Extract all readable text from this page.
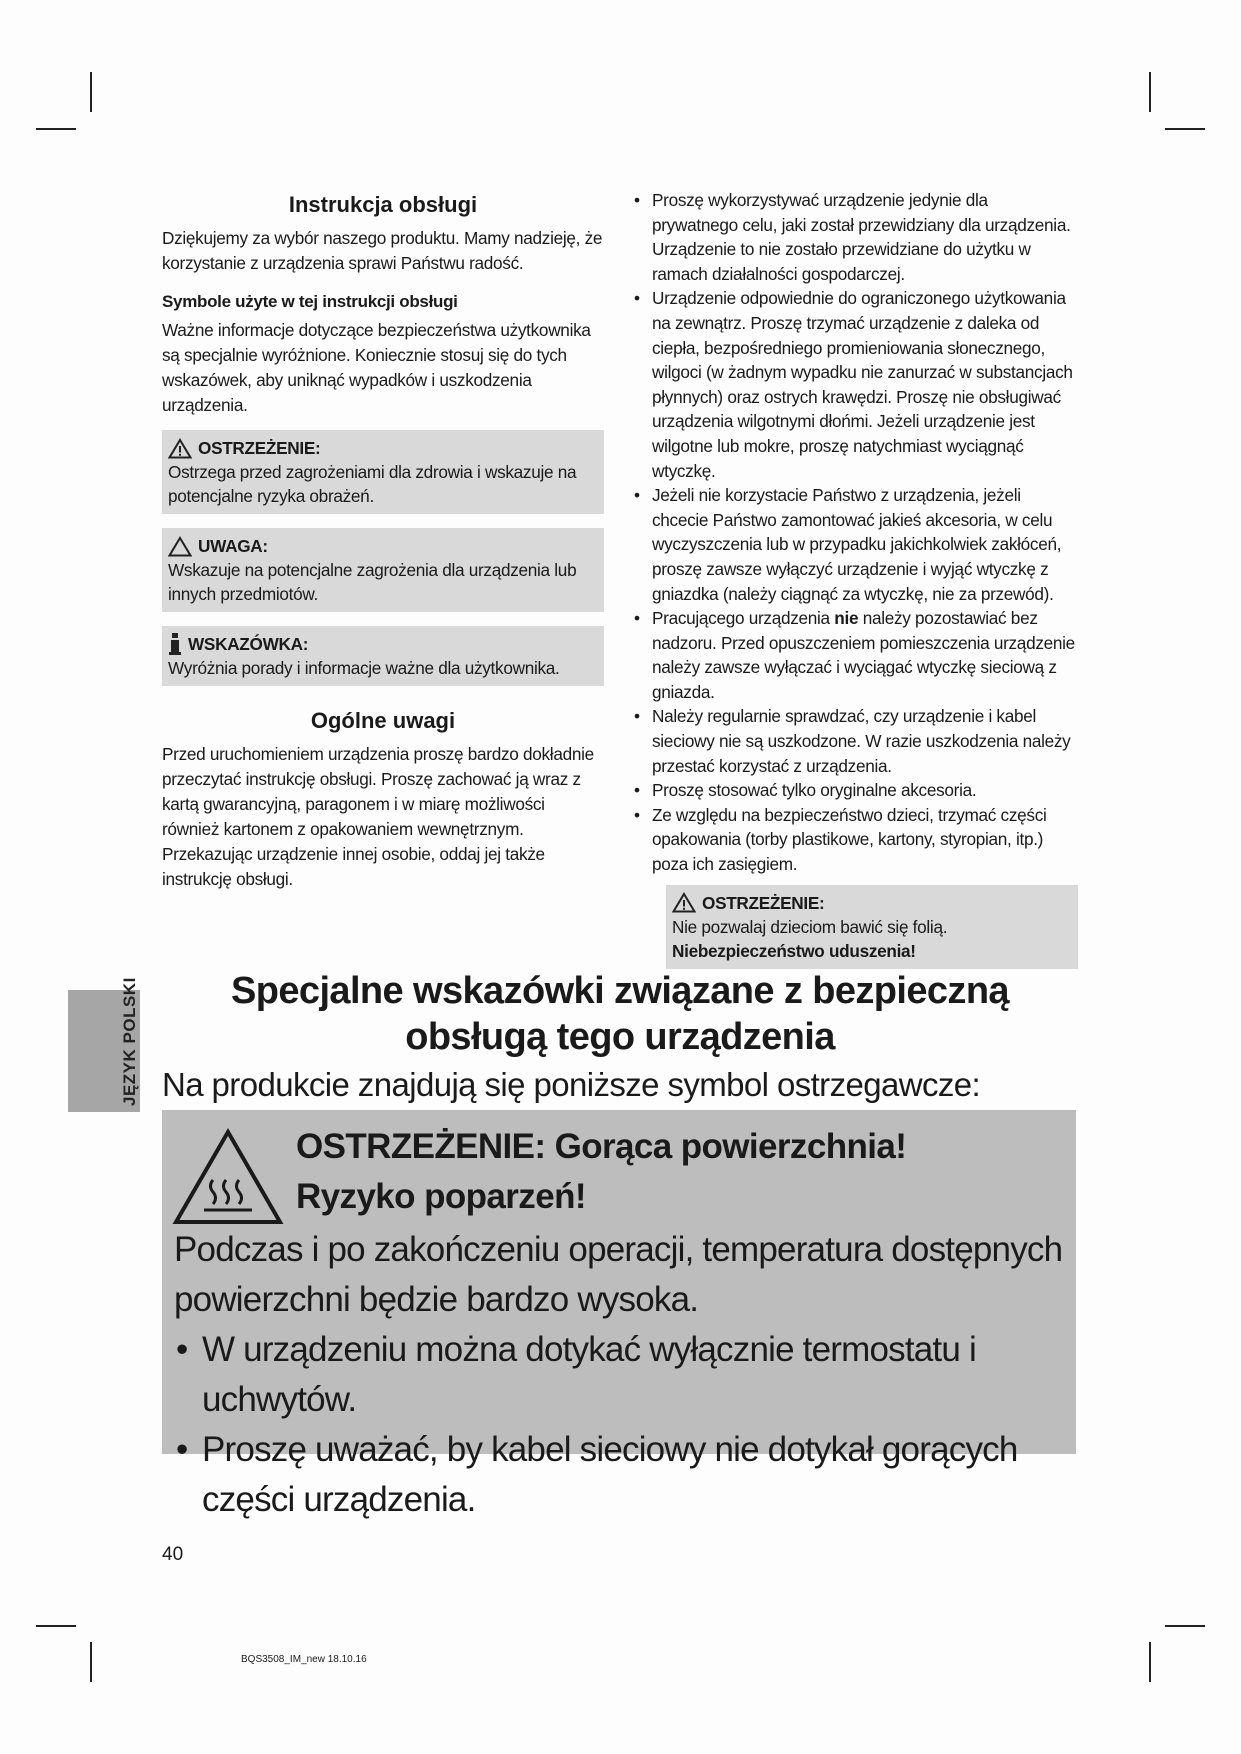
Instrukcja obsługi

Dziękujemy za wybór naszego produktu. Mamy nadzieję, że korzystanie z urządzenia sprawi Państwu radość.

Symbole użyte w tej instrukcji obsługi

Ważne informacje dotyczące bezpieczeństwa użytkownika są specjalnie wyróżnione. Koniecznie stosuj się do tych wskazówek, aby uniknąć wypadków i uszkodzenia urządzenia.

OSTRZEŻENIE:
Ostrzega przed zagrożeniami dla zdrowia i wskazuje na potencjalne ryzyka obrażeń.
UWAGA:
Wskazuje na potencjalne zagrożenia dla urządzenia lub innych przedmiotów.
WSKAZÓWKA:
Wyróżnia porady i informacje ważne dla użytkownika.

Ogólne uwagi

Przed uruchomieniem urządzenia proszę bardzo dokładnie przeczytać instrukcję obsługi. Proszę zachować ją wraz z kartą gwarancyjną, paragonem i w miarę możliwości również kartonem z opakowaniem wewnętrznym. Przekazując urządzenie innej osobie, oddaj jej także instrukcję obsługi.

• Proszę wykorzystywać urządzenie jedynie dla prywatnego celu, jaki został przewidziany dla urządzenia. Urządzenie to nie zostało przewidziane do użytku w ramach działalności gospodarczej.
• Urządzenie odpowiednie do ograniczonego użytkowania na zewnątrz. Proszę trzymać urządzenie z daleka od ciepła, bezpośredniego promieniowania słonecznego, wilgoci (w żadnym wypadku nie zanurzać w substancjach płynnych) oraz ostrych krawędzi. Proszę nie obsługiwać urządzenia wilgotnymi dłońmi. Jeżeli urządzenie jest wilgotne lub mokre, proszę natychmiast wyciągnąć wtyczkę.
• Jeżeli nie korzystacie Państwo z urządzenia, jeżeli chcecie Państwo zamontować jakieś akcesoria, w celu wyczyszczenia lub w przypadku jakichkolwiek zakłóceń, proszę zawsze wyłączyć urządzenie i wyjąć wtyczkę z gniazdka (należy ciągnąć za wtyczkę, nie za przewód).
• Pracującego urządzenia nie należy pozostawiać bez nadzoru. Przed opuszczeniem pomieszczenia urządzenie należy zawsze wyłączać i wyciągać wtyczkę sieciową z gniazda.
• Należy regularnie sprawdzać, czy urządzenie i kabel sieciowy nie są uszkodzone. W razie uszkodzenia należy przestać korzystać z urządzenia.
• Proszę stosować tylko oryginalne akcesoria.
• Ze względu na bezpieczeństwo dzieci, trzymać części opakowania (torby plastikowe, kartony, styropian, itp.) poza ich zasięgiem.
OSTRZEŻENIE:
Nie pozwalaj dzieciom bawić się folią. Niebezpieczeństwo uduszenia!
JĘZYK POLSKI	Specjalne wskazówki związane z bezpieczną
obsługą tego urządzenia

Na produkcie znajdują się poniższe symbol ostrzegawcze:

OSTRZEŻENIE: Gorąca powierzchnia!
Ryzyko poparzeń!
Podczas i po zakończeniu operacji, temperatura dostępnych powierzchni będzie bardzo wysoka.
• W urządzeniu można dotykać wyłącznie termostatu i uchwytów.
• Proszę uważać, by kabel sieciowy nie dotykał gorących części urządzenia.
40
BQS3508_IM_new 18.10.16
